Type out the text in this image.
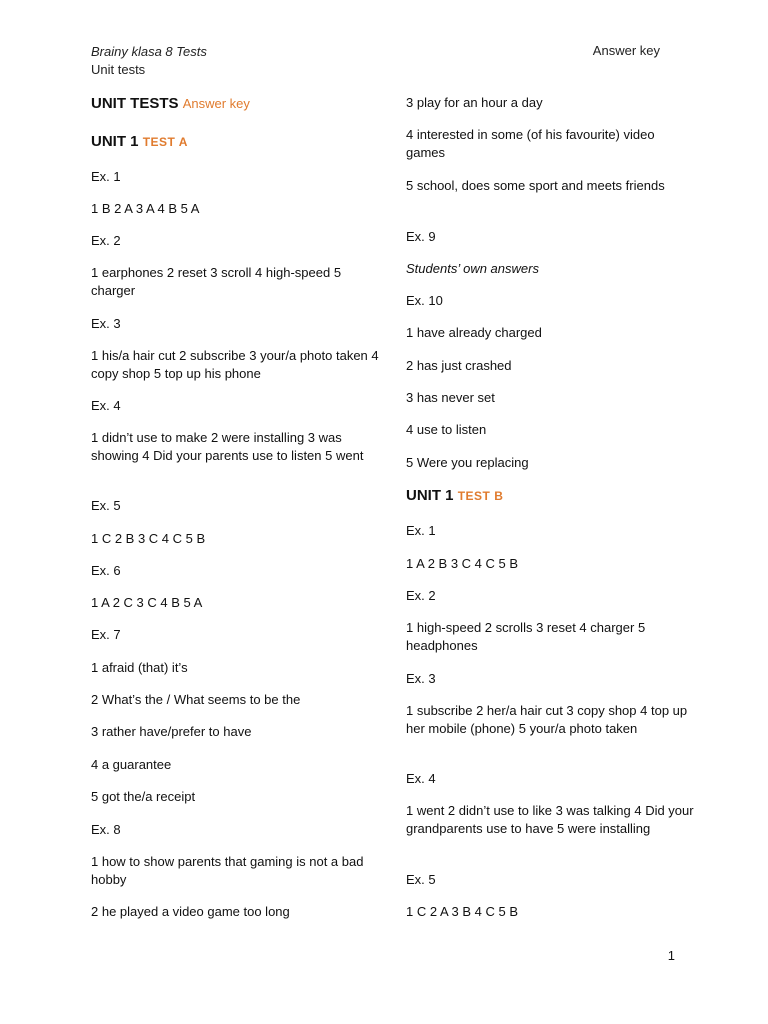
Brainy klasa 8 Tests
Unit tests
Answer key
UNIT TESTS Answer key
UNIT 1 TEST A
Ex. 1
1 B 2 A 3 A 4 B 5 A
Ex. 2
1 earphones 2 reset 3 scroll 4 high-speed 5 charger
Ex. 3
1 his/a hair cut 2 subscribe 3 your/a photo taken 4 copy shop 5 top up his phone
Ex. 4
1 didn’t use to make 2 were installing 3 was showing 4 Did your parents use to listen 5 went
Ex. 5
1 C 2 B 3 C 4 C 5 B
Ex. 6
1 A 2 C 3 C 4 B 5 A
Ex. 7
1 afraid (that) it’s
2 What’s the / What seems to be the
3 rather have/prefer to have
4 a guarantee
5 got the/a receipt
Ex. 8
1 how to show parents that gaming is not a bad hobby
2 he played a video game too long
3 play for an hour a day
4 interested in some (of his favourite) video games
5 school, does some sport and meets friends
Ex. 9
Students’ own answers
Ex. 10
1 have already charged
2 has just crashed
3 has never set
4 use to listen
5 Were you replacing
UNIT 1 TEST B
Ex. 1
1 A 2 B 3 C 4 C 5 B
Ex. 2
1 high-speed 2 scrolls 3 reset 4 charger 5 headphones
Ex. 3
1 subscribe 2 her/a hair cut 3 copy shop 4 top up her mobile (phone) 5 your/a photo taken
Ex. 4
1 went 2 didn’t use to like 3 was talking 4 Did your grandparents use to have 5 were installing
Ex. 5
1 C 2 A 3 B 4 C 5 B
1
